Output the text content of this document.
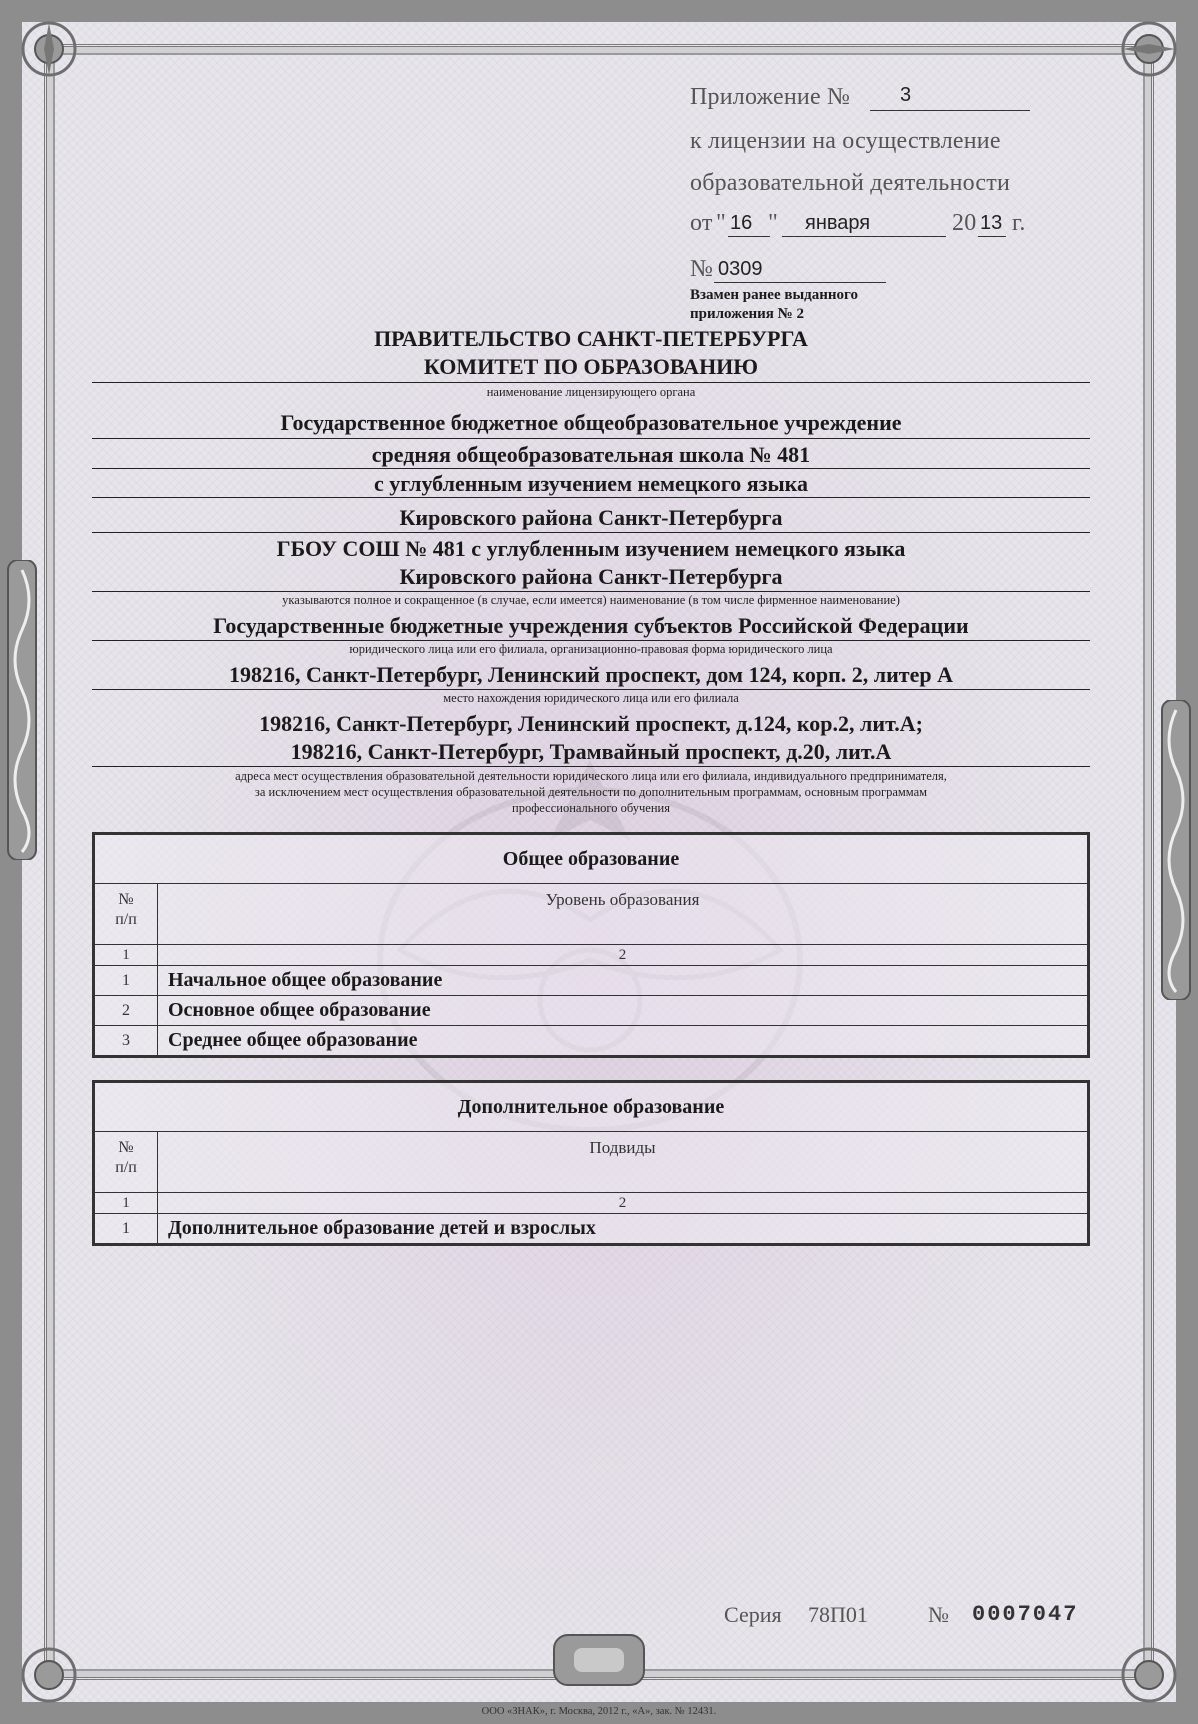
Приложение № 3
к лицензии на осуществление
образовательной деятельности
от " 16 " января	20 13 г.
№ 0309
Взамен ранее выданного
приложения № 2
ПРАВИТЕЛЬСТВО САНКТ-ПЕТЕРБУРГА
КОМИТЕТ ПО ОБРАЗОВАНИЮ
наименование лицензирующего органа
Государственное бюджетное общеобразовательное учреждение
средняя общеобразовательная школа № 481
с углубленным изучением немецкого языка
Кировского района Санкт-Петербурга
ГБОУ СОШ № 481 с углубленным изучением немецкого языка
Кировского района Санкт-Петербурга
указываются полное и сокращенное (в случае, если имеется) наименование (в том числе фирменное наименование)
Государственные бюджетные учреждения субъектов Российской Федерации
юридического лица или его филиала, организационно-правовая форма юридического лица
198216, Санкт-Петербург, Ленинский проспект, дом 124, корп. 2, литер А
место нахождения юридического лица или его филиала
198216, Санкт-Петербург, Ленинский проспект, д.124, кор.2, лит.А;
198216, Санкт-Петербург, Трамвайный проспект, д.20, лит.А
адреса мест осуществления образовательной деятельности юридического лица или его филиала, индивидуального предпринимателя,
за исключением мест осуществления образовательной деятельности по дополнительным программам, основным программам
профессионального обучения
Общее образование	
№
п/п	Уровень образования
1	2
1	Начальное общее образование
2	Основное общее образование
3	Среднее общее образование
Дополнительное образование	
№
п/п	Подвиды
1	2
1	Дополнительное образование детей и взрослых
Серия 78П01	№ 0007047
ООО «ЗНАК», г. Москва, 2012 г., «А», зак. № 12431.
